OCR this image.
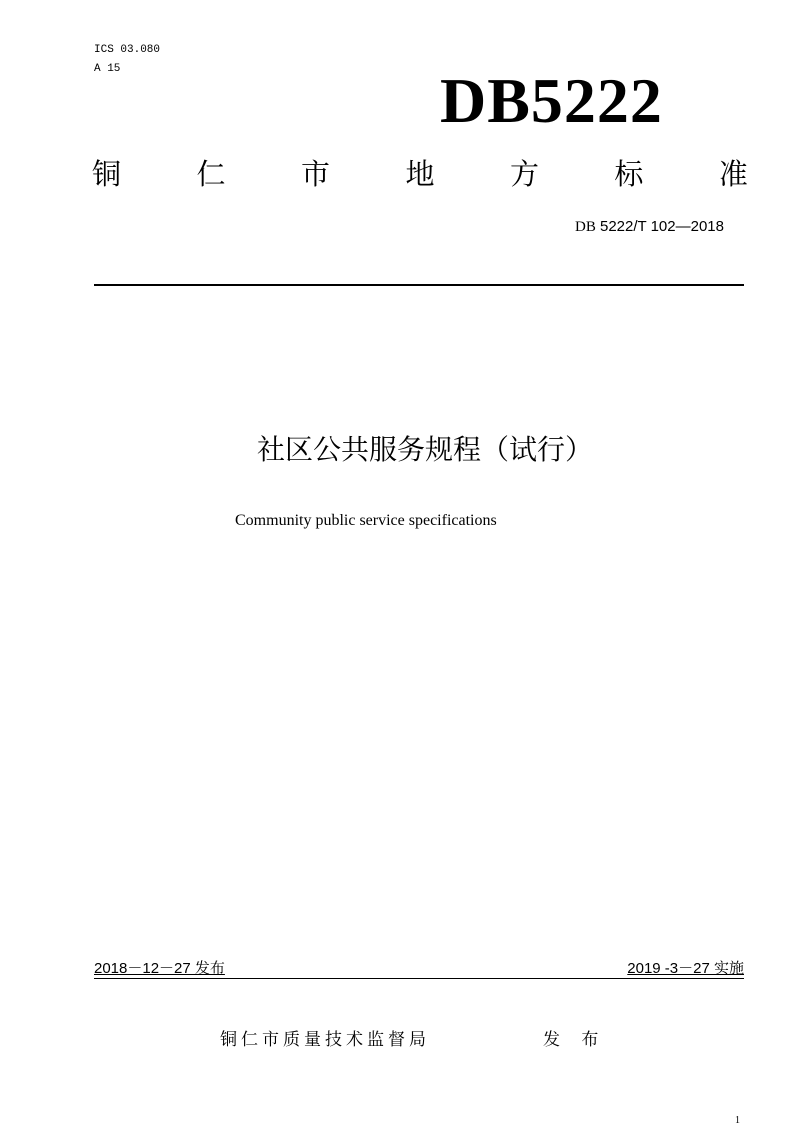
ICS 03.080
A 15	DB5222
铜	仁	市	地	方	标	准
DB 5222/T 102—2018
社区公共服务规程（试行）
Community public service specifications
2018－12－27 发布	2019 -3－27 实施
铜仁市质量技术监督局	发 布
1
